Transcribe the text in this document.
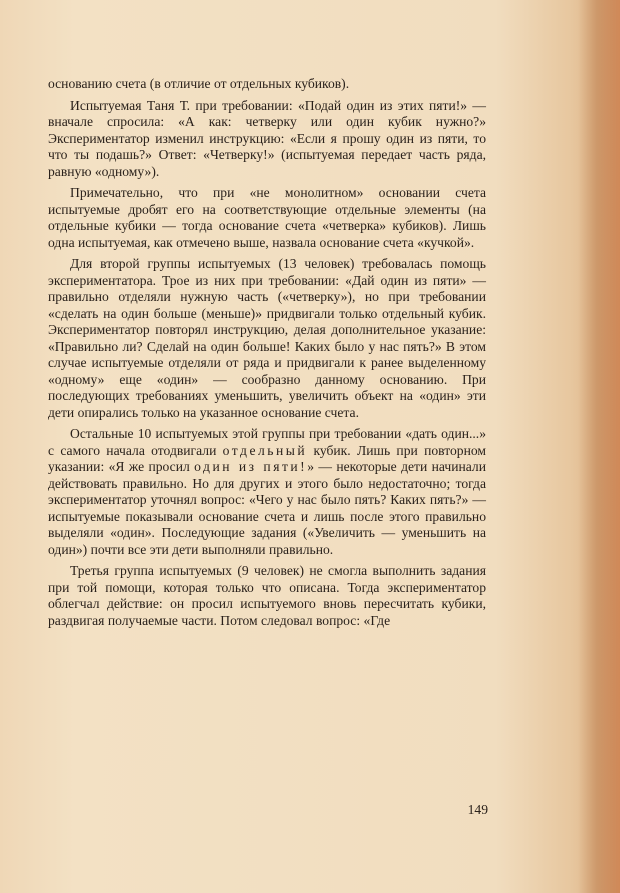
основанию счета (в отличие от отдельных кубиков).

Испытуемая Таня Т. при требовании: «Подай один из этих пяти!» — вначале спросила: «А как: четверку или один кубик нужно?» Экспериментатор изменил инструкцию: «Если я прошу один из пяти, то что ты подашь?» Ответ: «Четверку!» (испытуемая передает часть ряда, равную «одному»).

Примечательно, что при «не монолитном» основании счета испытуемые дробят его на соответствующие отдельные элементы (на отдельные кубики — тогда основание счета «четверка» кубиков). Лишь одна испытуемая, как отмечено выше, назвала основание счета «кучкой».

Для второй группы испытуемых (13 человек) требовалась помощь экспериментатора. Трое из них при требовании: «Дай один из пяти» — правильно отделяли нужную часть («четверку»), но при требовании «сделать на один больше (меньше)» придвигали только отдельный кубик. Экспериментатор повторял инструкцию, делая дополнительное указание: «Правильно ли? Сделай на один больше! Каких было у нас пять?» В этом случае испытуемые отделяли от ряда и придвигали к ранее выделенному «одному» еще «один» — сообразно данному основанию. При последующих требованиях уменьшить, увеличить объект на «один» эти дети опирались только на указанное основание счета.

Остальные 10 испытуемых этой группы при требовании «дать один...» с самого начала отодвигали отдельный кубик. Лишь при повторном указании: «Я же просил один из пяти!» — некоторые дети начинали действовать правильно. Но для других и этого было недостаточно; тогда экспериментатор уточнял вопрос: «Чего у нас было пять? Каких пять?» — испытуемые показывали основание счета и лишь после этого правильно выделяли «один». Последующие задания («Увеличить — уменьшить на один») почти все эти дети выполняли правильно.

Третья группа испытуемых (9 человек) не смогла выполнить задания при той помощи, которая только что описана. Тогда экспериментатор облегчал действие: он просил испытуемого вновь пересчитать кубики, раздвигая получаемые части. Потом следовал вопрос: «Где

149
